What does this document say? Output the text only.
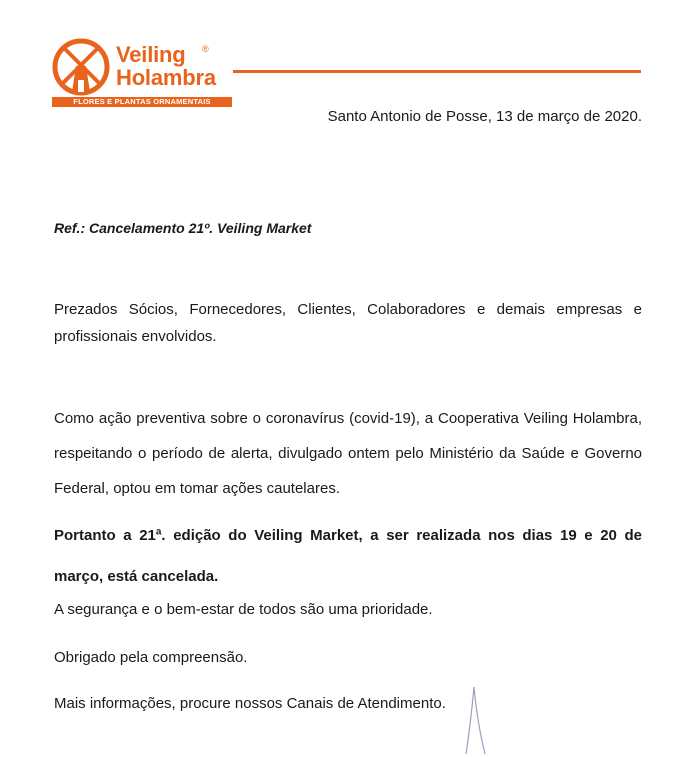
Veiling ®
Holambra
FLORES E PLANTAS ORNAMENTAIS
Santo Antonio de Posse, 13 de março de 2020.
Ref.: Cancelamento 21º. Veiling Market

Prezados Sócios, Fornecedores, Clientes, Colaboradores e demais empresas e profissionais envolvidos.

Como ação preventiva sobre o coronavírus (covid-19), a Cooperativa Veiling Holambra, respeitando o período de alerta, divulgado ontem pelo Ministério da Saúde e Governo Federal, optou em tomar ações cautelares.

Portanto a 21ª. edição do Veiling Market, a ser realizada nos dias 19 e 20 de março, está cancelada.

A segurança e o bem-estar de todos são uma prioridade.

Obrigado pela compreensão.

Mais informações, procure nossos Canais de Atendimento.
